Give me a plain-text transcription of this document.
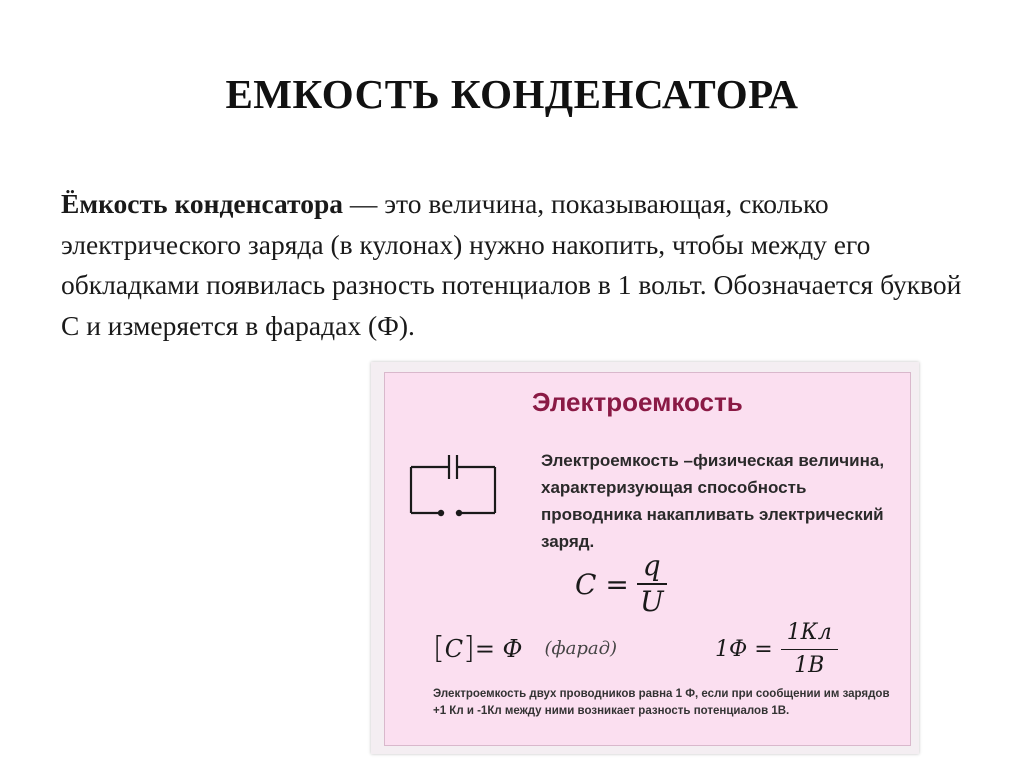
ЕМКОСТЬ КОНДЕНСАТОРА
Ёмкость конденсатора — это величина, показывающая, сколько электрического заряда (в кулонах) нужно накопить, чтобы между его обкладками появилась разность потенциалов в 1 вольт. Обозначается буквой С и измеряется в фарадах (Ф).
Электроемкость
Электроемкость –физическая величина, характеризующая способность проводника накапливать электрический заряд.
$C = \frac{q}{U}$
[ C ] = Ф (фарад)	$1Ф = \frac{1Кл}{1В}$
Электроемкость двух проводников равна 1 Ф, если при сообщении им зарядов +1 Кл и -1Кл между ними возникает разность потенциалов 1В.
